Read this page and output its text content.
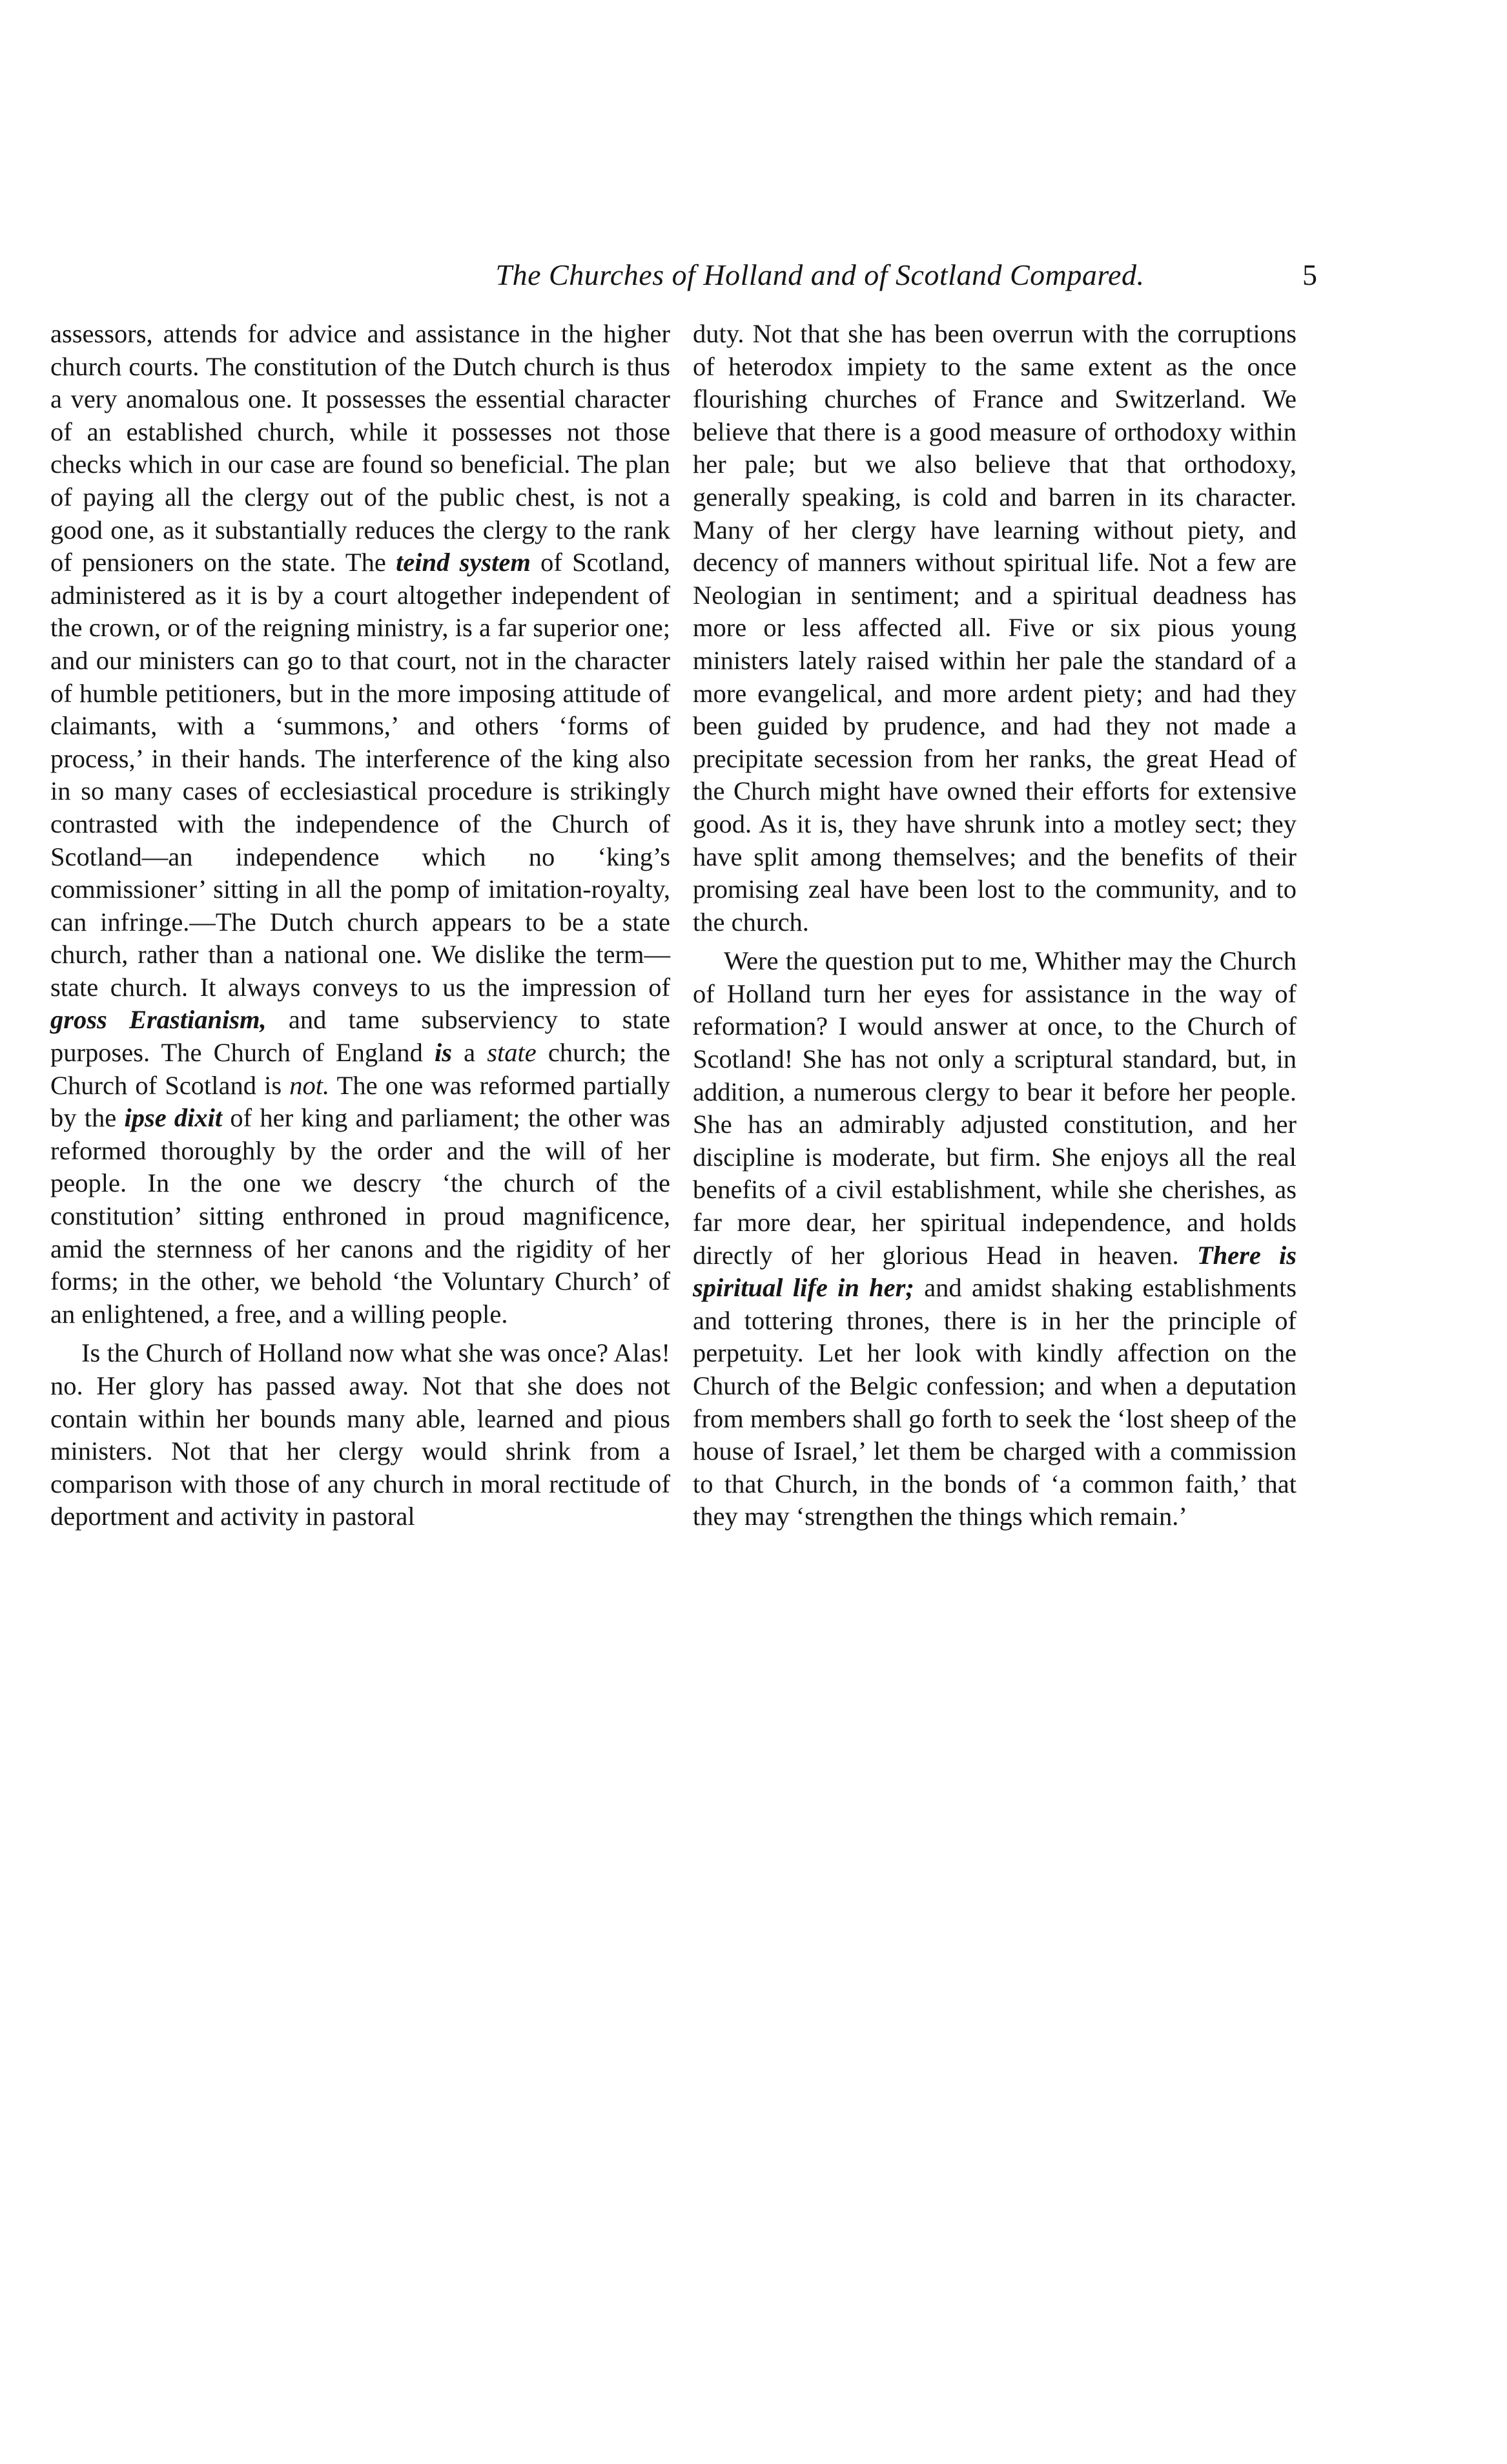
The Churches of Holland and of Scotland Compared.	5

assessors, attends for advice and assistance in the higher church courts. The constitution of the Dutch church is thus a very anomalous one. It possesses the essential character of an established church, while it possesses not those checks which in our case are found so beneficial. The plan of paying all the clergy out of the public chest, is not a good one, as it substantially reduces the clergy to the rank of pensioners on the state. The teind system of Scotland, administered as it is by a court altogether independent of the crown, or of the reigning ministry, is a far superior one; and our ministers can go to that court, not in the character of humble petitioners, but in the more imposing attitude of claimants, with a ‘summons,’ and others ‘forms of process,’ in their hands. The interference of the king also in so many cases of ecclesiastical procedure is strikingly contrasted with the independence of the Church of Scotland—an independence which no ‘king’s commissioner’ sitting in all the pomp of imitation-royalty, can infringe.—The Dutch church appears to be a state church, rather than a national one. We dislike the term—state church. It always conveys to us the impression of gross Erastianism, and tame subserviency to state purposes. The Church of England is a state church; the Church of Scotland is not. The one was reformed partially by the ipse dixit of her king and parliament; the other was reformed thoroughly by the order and the will of her people. In the one we descry ‘the church of the constitution’ sitting enthroned in proud magnificence, amid the sternness of her canons and the rigidity of her forms; in the other, we behold ‘the Voluntary Church’ of an enlightened, a free, and a willing people.

Is the Church of Holland now what she was once? Alas! no. Her glory has passed away. Not that she does not contain within her bounds many able, learned and pious ministers. Not that her clergy would shrink from a comparison with those of any church in moral rectitude of deportment and activity in pastoral

duty. Not that she has been overrun with the corruptions of heterodox impiety to the same extent as the once flourishing churches of France and Switzerland. We believe that there is a good measure of orthodoxy within her pale; but we also believe that that orthodoxy, generally speaking, is cold and barren in its character. Many of her clergy have learning without piety, and decency of manners without spiritual life. Not a few are Neologian in sentiment; and a spiritual deadness has more or less affected all. Five or six pious young ministers lately raised within her pale the standard of a more evangelical, and more ardent piety; and had they been guided by prudence, and had they not made a precipitate secession from her ranks, the great Head of the Church might have owned their efforts for extensive good. As it is, they have shrunk into a motley sect; they have split among themselves; and the benefits of their promising zeal have been lost to the community, and to the church.

Were the question put to me, Whither may the Church of Holland turn her eyes for assistance in the way of reformation? I would answer at once, to the Church of Scotland! She has not only a scriptural standard, but, in addition, a numerous clergy to bear it before her people. She has an admirably adjusted constitution, and her discipline is moderate, but firm. She enjoys all the real benefits of a civil establishment, while she cherishes, as far more dear, her spiritual independence, and holds directly of her glorious Head in heaven. There is spiritual life in her; and amidst shaking establishments and tottering thrones, there is in her the principle of perpetuity. Let her look with kindly affection on the Church of the Belgic confession; and when a deputation from members shall go forth to seek the ‘lost sheep of the house of Israel,’ let them be charged with a commission to that Church, in the bonds of ‘a common faith,’ that they may ‘strengthen the things which remain.’
